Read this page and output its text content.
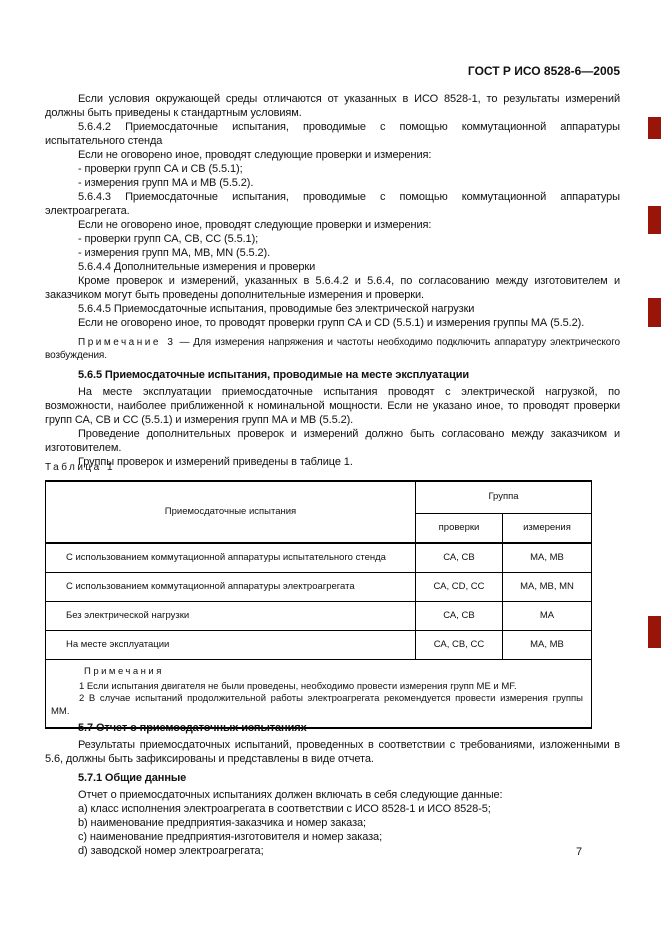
ГОСТ Р ИСО 8528-6—2005

Если условия окружающей среды отличаются от указанных в ИСО 8528-1, то результаты измерений должны быть приведены к стандартным условиям.

5.6.4.2 Приемосдаточные испытания, проводимые с помощью коммутационной аппаратуры испытательного стенда

Если не оговорено иное, проводят следующие проверки и измерения:

- проверки групп СА и СВ (5.5.1);

- измерения групп МА и МВ (5.5.2).

5.6.4.3 Приемосдаточные испытания, проводимые с помощью коммутационной аппаратуры электроагрегата.

Если не оговорено иное, проводят следующие проверки и измерения:

- проверки групп СА, СВ, СС (5.5.1);

- измерения групп МА, МВ, MN (5.5.2).

5.6.4.4 Дополнительные измерения и проверки

Кроме проверок и измерений, указанных в 5.6.4.2 и 5.6.4, по согласованию между изготовителем и заказчиком могут быть проведены дополнительные измерения и проверки.

5.6.4.5 Приемосдаточные испытания, проводимые без электрической нагрузки

Если не оговорено иное, то проводят проверки групп СА и CD (5.5.1) и измерения группы МА (5.5.2).

Примечание 3 — Для измерения напряжения и частоты необходимо подключить аппаратуру электрического возбуждения.

5.6.5 Приемосдаточные испытания, проводимые на месте эксплуатации

На месте эксплуатации приемосдаточные испытания проводят с электрической нагрузкой, по возможности, наиболее приближенной к номинальной мощности. Если не указано иное, то проводят проверки групп СА, СВ и СС (5.5.1) и измерения групп МА и МВ (5.5.2).

Проведение дополнительных проверок и измерений должно быть согласовано между заказчиком и изготовителем.

Группы проверок и измерений приведены в таблице 1.

Таблица 1
Приемосдаточные испытания	Группа	
	проверки	измерения
С использованием коммутационной аппаратуры испытательного стенда	СА, СВ	МА, МВ
С использованием коммутационной аппаратуры электроагрегата	СА, CD, СС	МА, МВ, MN
Без электрической нагрузки	СА, СВ	МА
На месте эксплуатации	СА, СВ, СС	МА, МВ

Примечания

1 Если испытания двигателя не были проведены, необходимо провести измерения групп МЕ и MF.

2 В случае испытаний продолжительной работы электроагрегата рекомендуется провести измерения группы ММ.		

5.7 Отчет о приемосдаточных испытаниях

Результаты приемосдаточных испытаний, проведенных в соответствии с требованиями, изложенными в 5.6, должны быть зафиксированы и представлены в виде отчета.

5.7.1 Общие данные

Отчет о приемосдаточных испытаниях должен включать в себя следующие данные:

а) класс исполнения электроагрегата в соответствии с ИСО 8528-1 и ИСО 8528-5;

b) наименование предприятия-заказчика и номер заказа;

c) наименование предприятия-изготовителя и номер заказа;

d) заводской номер электроагрегата;	7
